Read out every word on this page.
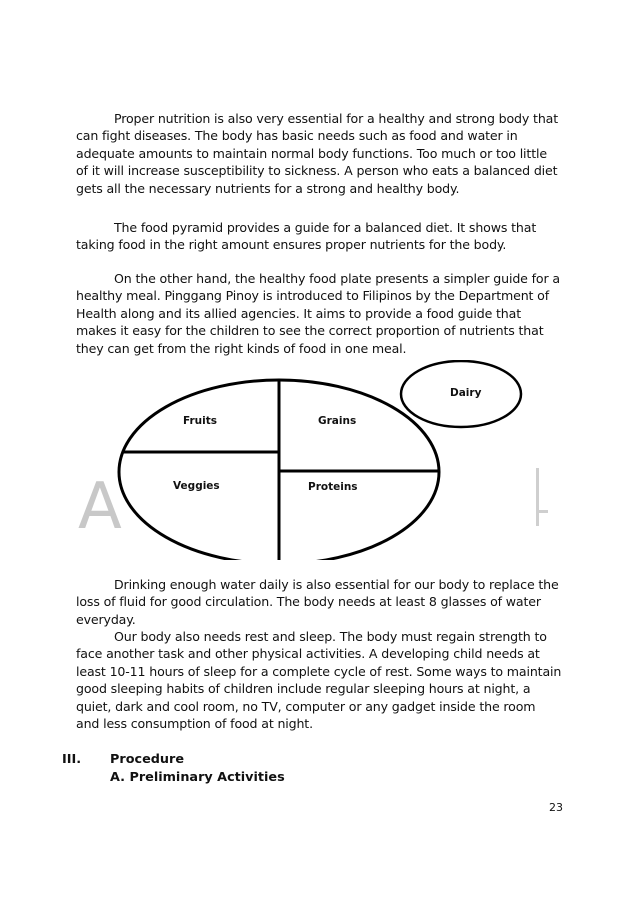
Proper nutrition is also very essential for a healthy and strong body that can fight diseases. The body has basic needs such as food and water in adequate amounts to maintain normal body functions. Too much or too little of it will increase susceptibility to sickness. A person who eats a balanced diet gets all the necessary nutrients for a strong and healthy body.

The food pyramid provides a guide for a balanced diet. It shows that taking food in the right amount ensures proper nutrients for the body.

On the other hand, the healthy food plate presents a simpler guide for a healthy meal. Pinggang Pinoy is introduced to Filipinos by the Department of Health along and its allied agencies. It aims to provide a food guide that makes it easy for the children to see the correct proportion of nutrients that they can get from the right kinds of food in one meal.

A
Fruits	Grains
Veggies	Proteins
Dairy

Drinking enough water daily is also essential for our body to replace the loss of fluid for good circulation. The body needs at least 8 glasses of water everyday.

Our body also needs rest and sleep. The body must regain strength to face another task and other physical activities. A developing child needs at least 10-11 hours of sleep for a complete cycle of rest. Some ways to maintain good sleeping habits of children include regular sleeping hours at night, a quiet, dark and cool room, no TV, computer or any gadget inside the room and less consumption of food at night.

III. Procedure
A. Preliminary Activities
23
